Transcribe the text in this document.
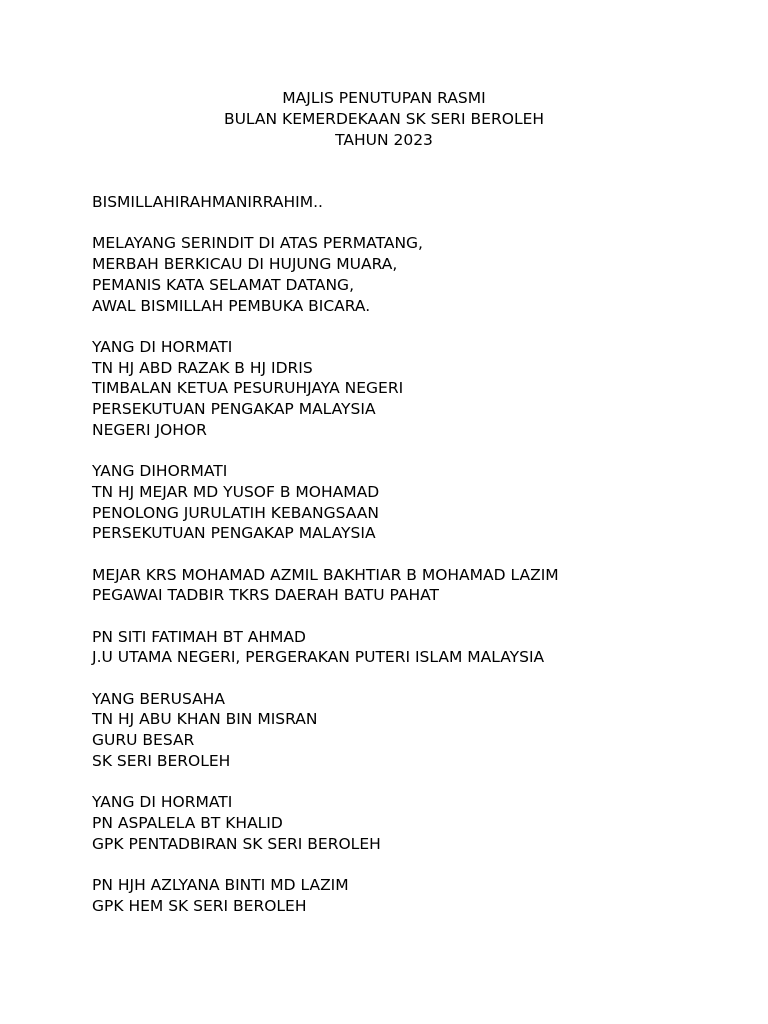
MAJLIS PENUTUPAN RASMI
BULAN KEMERDEKAAN SK SERI BEROLEH
TAHUN 2023
BISMILLAHIRAHMANIRRAHIM..
MELAYANG SERINDIT DI ATAS PERMATANG,
MERBAH BERKICAU DI HUJUNG MUARA,
PEMANIS KATA SELAMAT DATANG,
AWAL BISMILLAH PEMBUKA BICARA.
YANG DI HORMATI
TN HJ ABD RAZAK B HJ IDRIS
TIMBALAN KETUA PESURUHJAYA NEGERI
PERSEKUTUAN PENGAKAP MALAYSIA
NEGERI JOHOR
YANG DIHORMATI
TN HJ MEJAR MD YUSOF B MOHAMAD
PENOLONG JURULATIH KEBANGSAAN
PERSEKUTUAN PENGAKAP MALAYSIA
MEJAR KRS MOHAMAD AZMIL BAKHTIAR B MOHAMAD LAZIM
PEGAWAI TADBIR TKRS DAERAH BATU PAHAT
PN SITI FATIMAH BT AHMAD
J.U UTAMA NEGERI, PERGERAKAN PUTERI ISLAM MALAYSIA
YANG BERUSAHA
TN HJ ABU KHAN BIN MISRAN
GURU BESAR
SK SERI BEROLEH
YANG DI HORMATI
PN ASPALELA BT KHALID
GPK PENTADBIRAN SK SERI BEROLEH
PN HJH AZLYANA BINTI MD LAZIM
GPK HEM SK SERI BEROLEH
